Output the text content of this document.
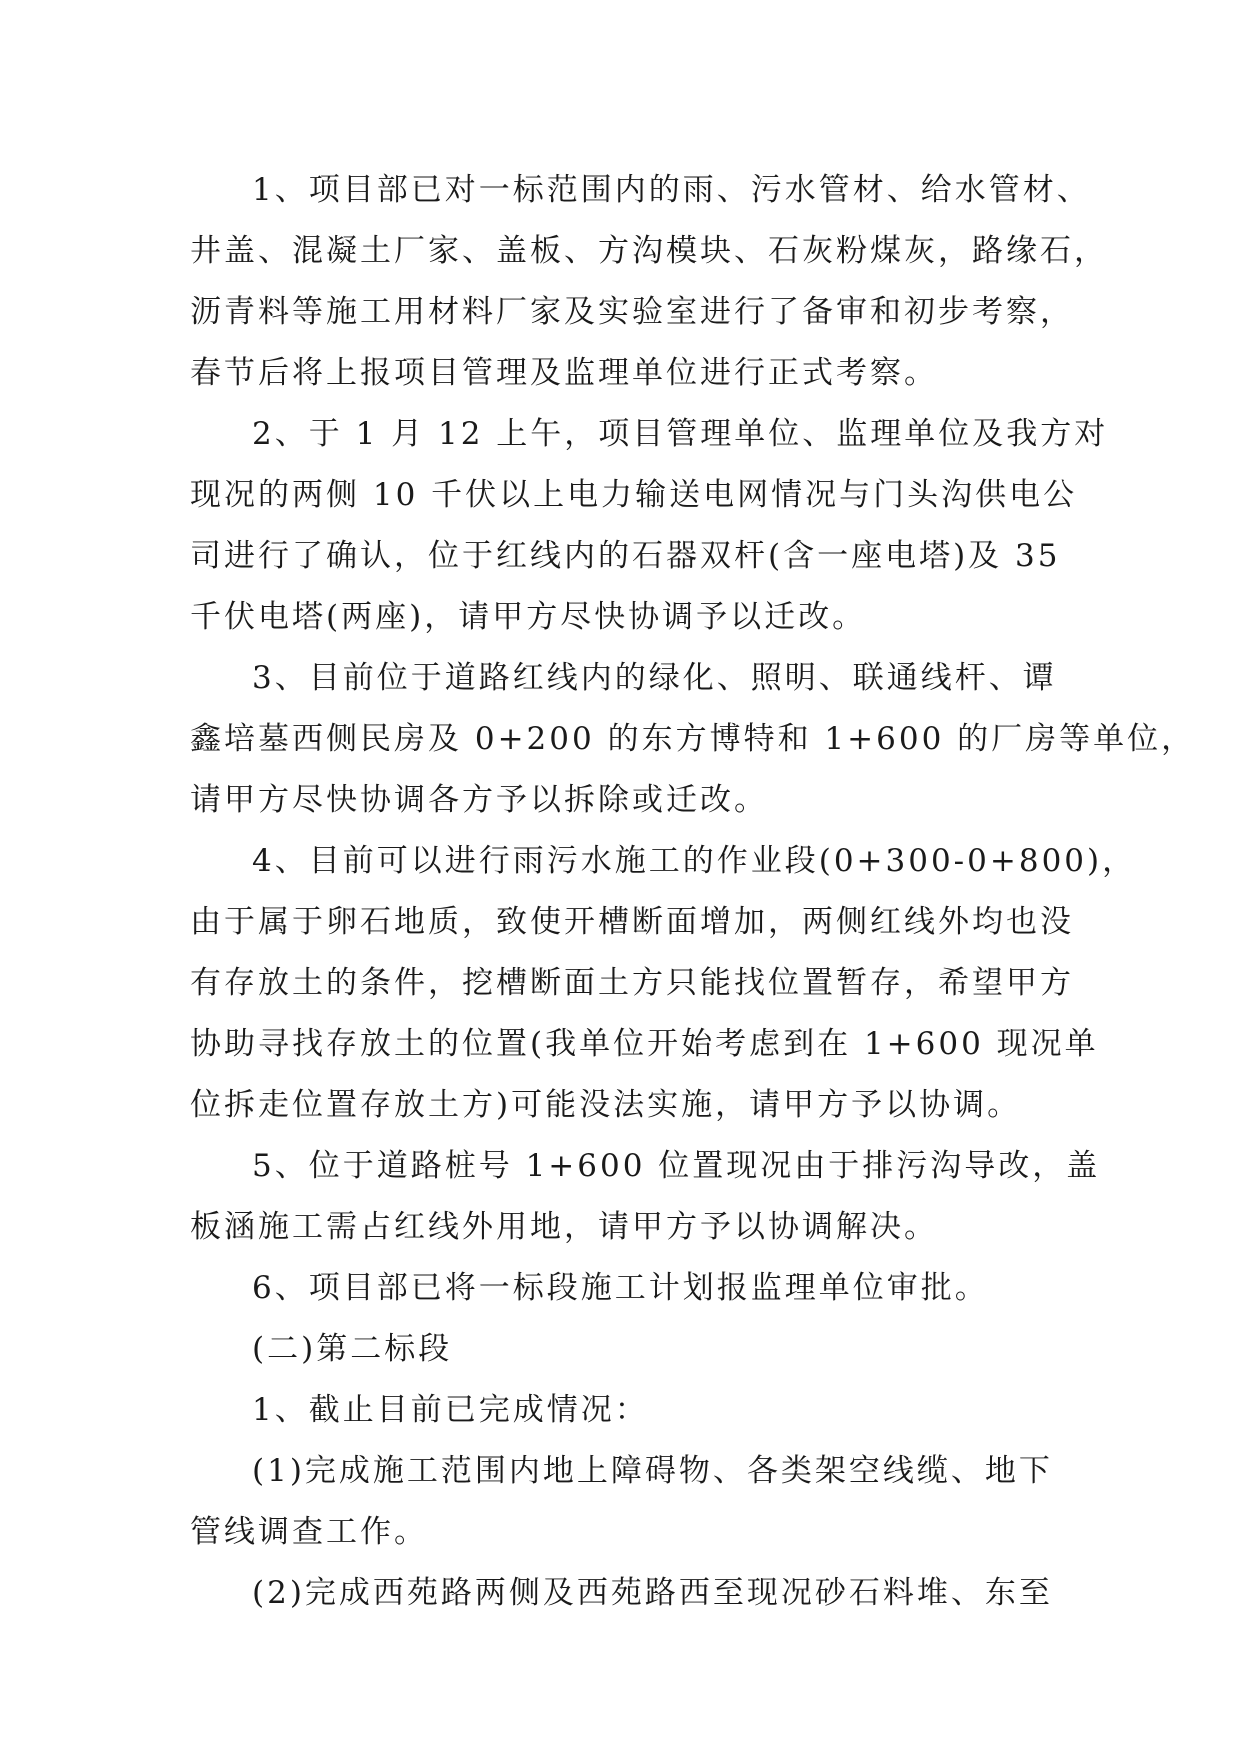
1、项目部已对一标范围内的雨、污水管材、给水管材、
井盖、混凝土厂家、盖板、方沟模块、石灰粉煤灰，路缘石，
沥青料等施工用材料厂家及实验室进行了备审和初步考察，
春节后将上报项目管理及监理单位进行正式考察。

2、于 1 月 12 上午，项目管理单位、监理单位及我方对
现况的两侧 10 千伏以上电力输送电网情况与门头沟供电公
司进行了确认，位于红线内的石器双杆(含一座电塔)及 35
千伏电塔(两座)，请甲方尽快协调予以迁改。

3、目前位于道路红线内的绿化、照明、联通线杆、谭
鑫培墓西侧民房及 0+200 的东方博特和 1+600 的厂房等单位，
请甲方尽快协调各方予以拆除或迁改。

4、目前可以进行雨污水施工的作业段(0+300-0+800)，
由于属于卵石地质，致使开槽断面增加，两侧红线外均也没
有存放土的条件，挖槽断面土方只能找位置暂存，希望甲方
协助寻找存放土的位置(我单位开始考虑到在 1+600 现况单
位拆走位置存放土方)可能没法实施，请甲方予以协调。

5、位于道路桩号 1+600 位置现况由于排污沟导改，盖
板涵施工需占红线外用地，请甲方予以协调解决。

6、项目部已将一标段施工计划报监理单位审批。

(二)第二标段

1、截止目前已完成情况：

(1)完成施工范围内地上障碍物、各类架空线缆、地下
管线调查工作。

(2)完成西苑路两侧及西苑路西至现况砂石料堆、东至
